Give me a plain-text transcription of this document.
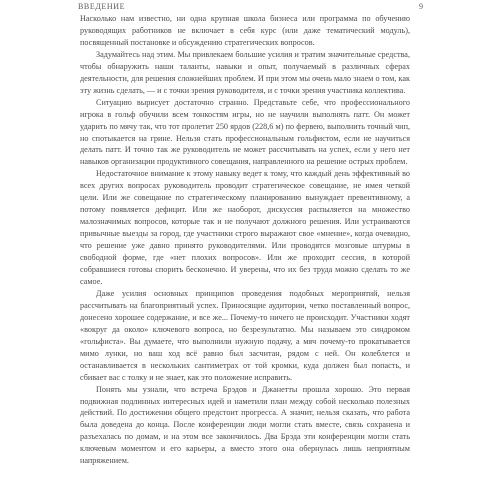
ВВЕДЕНИЕ	9

Насколько нам известно, ни одна крупная школа бизнеса или программа по обучению руководящих работников не включает в себя курс (или даже тематический модуль), посвященный постановке и обсуждению стратегических вопросов.

Задумайтесь над этим. Мы привлекаем большие усилия и тратим значительные средства, чтобы обнаружить наши таланты, навыки и опыт, получаемый в различных сферах деятельности, для решения сложнейших проблем. И при этом мы очень мало знаем о том, как эту жизнь сделать, — и с точки зрения руководителя, и с точки зрения участника коллектива.

Ситуацию вырисует достаточно странно. Представьте себе, что профессионального игрока в гольф обучили всем тонкостям игры, но не научили выполнять патт. Он может ударить по мячу так, что тот пролетит 250 ярдов (228,6 м) по фервею, выполнить точный чип, но спотыкается на грине. Нельзя стать профессиональным гольфистом, если не научиться делать патт. И точно так же руководитель не может рассчитывать на успех, если у него нет навыков организации продуктивного совещания, направленного на решение острых проблем.

Недостаточное внимание к этому навыку ведет к тому, что каждый день эффективный во всех других вопросах руководитель проводит стратегическое совещание, не имея четкой цели. Или же совещание по стратегическому планированию вынуждает превентивному, а потому появляется дефицит. Или же наоборот, дискуссия распыляется на множество малозначимых вопросов, которые так и не получают должного решения. Или устраиваются привычные выезды за город, где участники строго выражают свое «мнение», когда очевидно, что решение уже давно принято руководителями. Или проводятся мозговые штурмы в свободной форме, где «нет плохих вопросов». Или же проходит сессия, в которой собравшиеся готовы спорить бесконечно. И уверены, что их без труда можно сделать то же самое.

Даже усилия основных принципов проведения подобных мероприятий, нельзя рассчитывать на благоприятный успех. Приносящие аудитории, четко поставленный вопрос, донесено хорошее содержание, и все же... Почему-то ничего не происходит. Участники ходят «вокруг да около» ключевого вопроса, но безрезультатно. Мы называем это синдромом «гольфиста». Вы думаете, что выполнили нужную подачу, а мяч почему-то прокатывается мимо лунки, но ваш ход всё равно был засчитан, рядом с ней. Он колеблется и останавливается в нескольких сантиметрах от той кромки, куда должен был попасть, и сбивает вас с толку и не знает, как это положение исправить.

Понять мы узнали, что встреча Брэдов и Джанетты прошла хорошо. Это первая подвижная подлинных интересных идей и наметили план между собой несколько полезных действий. По достижении общего предстоит прогресса. А значит, нельзя сказать, что работа была доведена до конца. После конференции люди могли стать вместе, связь сохранена и разъехалась по домам, и на этом все закончилось. Два Брэда эти конференции могли стать ключевым моментом и его карьеры, а вместо этого она обернулась лишь неприятным напряжением.
